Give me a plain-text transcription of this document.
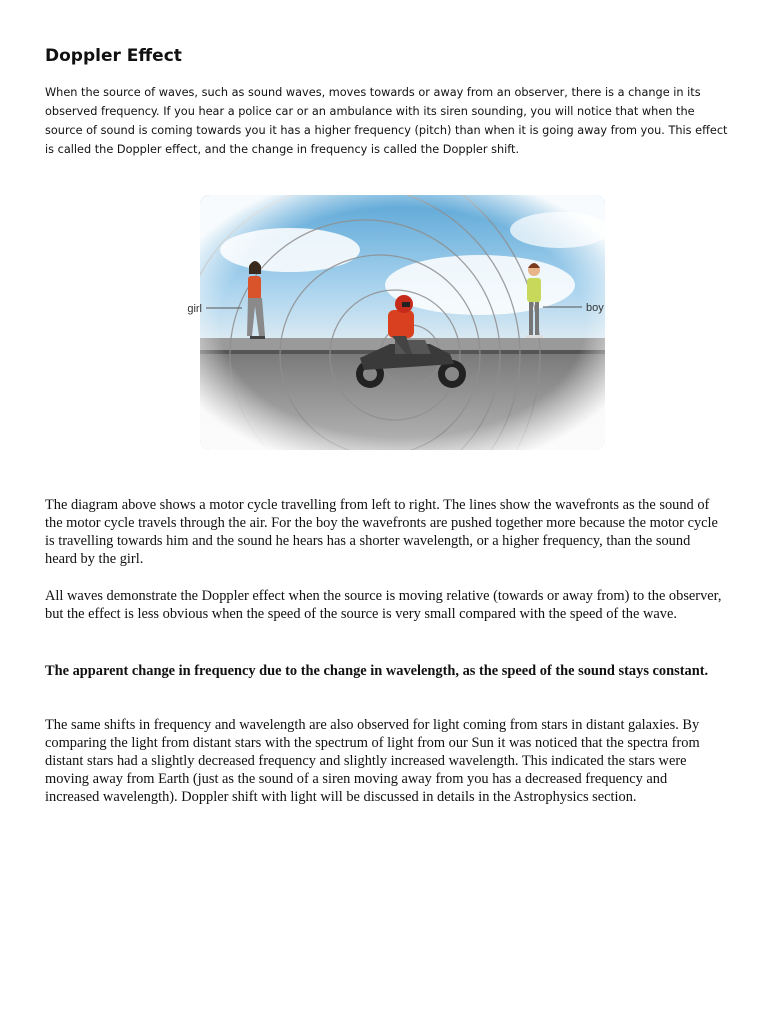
Doppler Effect

When the source of waves, such as sound waves, moves towards or away from an observer, there is a change in its observed frequency. If you hear a police car or an ambulance with its siren sounding, you will notice that when the source of sound is coming towards you it has a higher frequency (pitch) than when it is going away from you. This effect is called the Doppler effect, and the change in frequency is called the Doppler shift.

girl	boy

The diagram above shows a motor cycle travelling from left to right. The lines show the wavefronts as the sound of the motor cycle travels through the air. For the boy the wavefronts are pushed together more because the motor cycle is travelling towards him and the sound he hears has a shorter wavelength, or a higher frequency, than the sound heard by the girl.

All waves demonstrate the Doppler effect when the source is moving relative (towards or away from) to the observer, but the effect is less obvious when the speed of the source is very small compared with the speed of the wave.

The apparent change in frequency due to the change in wavelength, as the speed of the sound stays constant.

The same shifts in frequency and wavelength are also observed for light coming from stars in distant galaxies. By comparing the light from distant stars with the spectrum of light from our Sun it was noticed that the spectra from distant stars had a slightly decreased frequency and slightly increased wavelength. This indicated the stars were moving away from Earth (just as the sound of a siren moving away from you has a decreased frequency and increased wavelength). Doppler shift with light will be discussed in details in the Astrophysics section.
